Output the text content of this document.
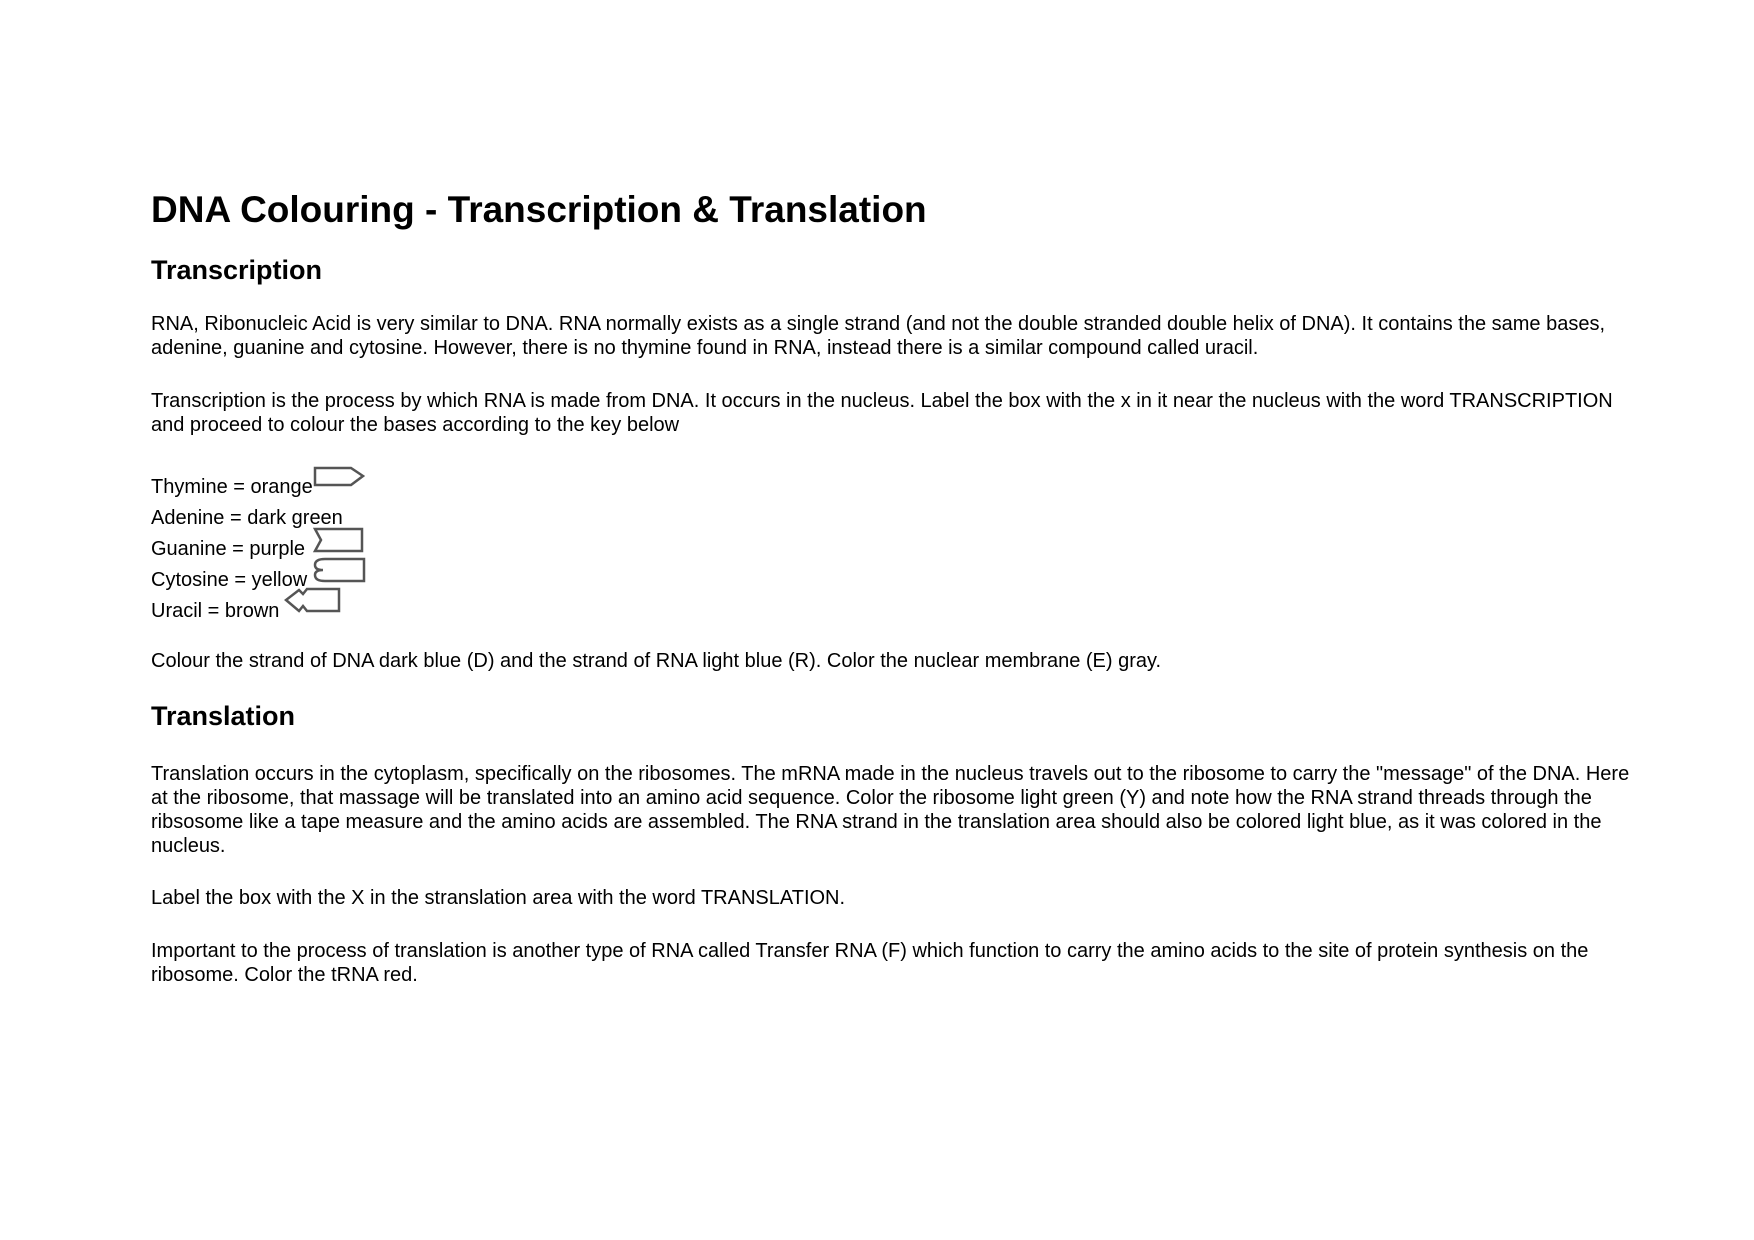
DNA Colouring - Transcription & Translation
Transcription

RNA, Ribonucleic Acid is very similar to DNA. RNA normally exists as a single strand (and not the double stranded double helix of DNA). It contains the same bases, adenine, guanine and cytosine. However, there is no thymine found in RNA, instead there is a similar compound called uracil.

Transcription is the process by which RNA is made from DNA. It occurs in the nucleus. Label the box with the x in it near the nucleus with the word TRANSCRIPTION and proceed to colour the bases according to the key below

Thymine = orange
Adenine = dark green
Guanine = purple
Cytosine = yellow
Uracil = brown

Colour the strand of DNA dark blue (D) and the strand of RNA light blue (R). Color the nuclear membrane (E) gray.

Translation

Translation occurs in the cytoplasm, specifically on the ribosomes. The mRNA made in the nucleus travels out to the ribosome to carry the "message" of the DNA. Here at the ribosome, that massage will be translated into an amino acid sequence. Color the ribosome light green (Y) and note how the RNA strand threads through the ribsosome like a tape measure and the amino acids are assembled. The RNA strand in the translation area should also be colored light blue, as it was colored in the nucleus.

Label the box with the X in the stranslation area with the word TRANSLATION.

Important to the process of translation is another type of RNA called Transfer RNA (F) which function to carry the amino acids to the site of protein synthesis on the ribosome. Color the tRNA red.
